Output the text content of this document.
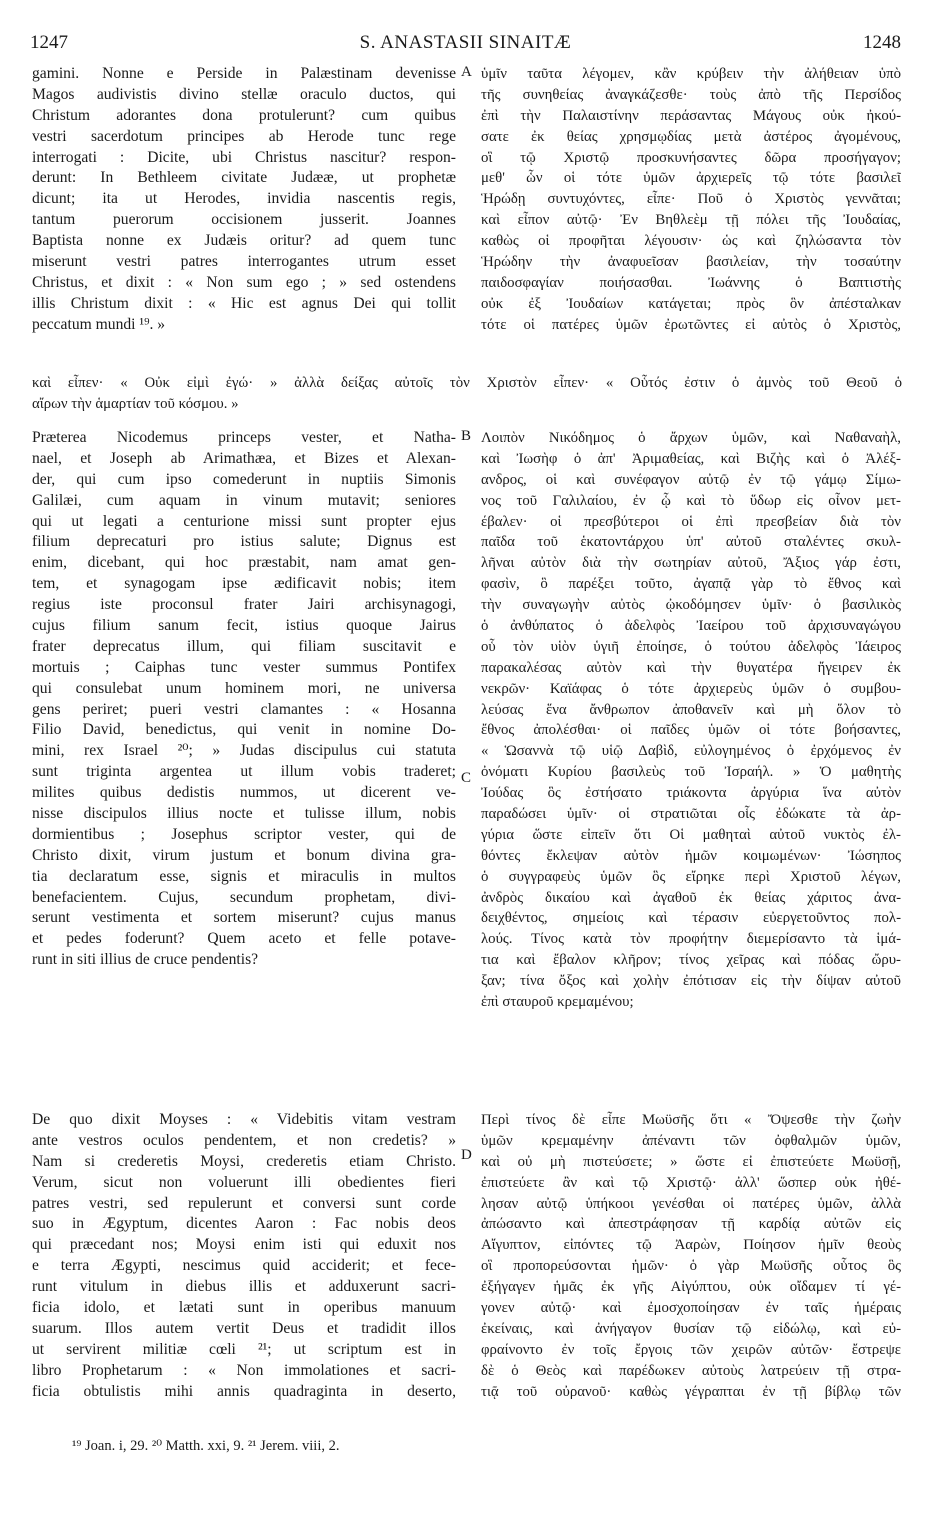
1247	S. ANASTASII SINAITÆ	1248
gamini. Nonne e Perside in Palæstinam devenisse
Magos audivistis divino stellæ oraculo ductos, qui
Christum adorantes dona protulerunt? cum quibus
vestri sacerdotum principes ab Herode tunc rege
interrogati : Dicite, ubi Christus nascitur? respon-
derunt: In Bethleem civitate Judææ, ut prophetæ
dicunt; ita ut Herodes, invidia nascentis regis,
tantum puerorum occisionem jusserit. Joannes
Baptista nonne ex Judæis oritur? ad quem tunc
miserunt vestri patres interrogantes utrum esset
Christus, et dixit : « Non sum ego ; » sed ostendens
illis Christum dixit : « Hic est agnus Dei qui tollit
peccatum mundi ¹⁹. »
ὑμῖν ταῦτα λέγομεν, κἂν κρύβειν τὴν ἀλήθειαν ὑπὸ
τῆς συνηθείας ἀναγκάζεσθε· τοὺς ἀπὸ τῆς Περσίδος
ἐπὶ τὴν Παλαιστίνην περάσαντας Μάγους οὐκ ἠκού-
σατε ἐκ θείας χρησμῳδίας μετὰ ἀστέρος ἀγομένους,
οἳ τῷ Χριστῷ προσκυνήσαντες δῶρα προσήγαγον;
μεθ' ὧν οἱ τότε ὑμῶν ἀρχιερεῖς τῷ τότε βασιλεῖ
Ἡρώδῃ συντυχόντες, εἶπε· Ποῦ ὁ Χριστὸς γεννᾶται;
καὶ εἶπον αὐτῷ· Ἐν Βηθλεὲμ τῇ πόλει τῆς Ἰουδαίας,
καθὼς οἱ προφῆται λέγουσιν· ὡς καὶ ζηλώσαντα τὸν
Ἡρώδην τὴν ἀναφυεῖσαν βασιλείαν, τὴν τοσαύτην
παιδοσφαγίαν ποιήσασθαι. Ἰωάννης ὁ Βαπτιστὴς
οὐκ ἐξ Ἰουδαίων κατάγεται; πρὸς ὃν ἀπέσταλκαν
τότε οἱ πατέρες ὑμῶν ἐρωτῶντες εἰ αὐτὸς ὁ Χριστὸς,
A
καὶ εἶπεν· « Οὐκ εἰμὶ ἐγώ· » ἀλλὰ δείξας αὐτοῖς τὸν Χριστὸν εἶπεν· « Οὗτός ἐστιν ὁ ἀμνὸς τοῦ Θεοῦ ὁ
αἴρων τὴν ἁμαρτίαν τοῦ κόσμου. »
Præterea Nicodemus princeps vester, et Natha-
nael, et Joseph ab Arimathæa, et Bizes et Alexan-
der, qui cum ipso comederunt in nuptiis Simonis
Galilæi, cum aquam in vinum mutavit; seniores
qui ut legati a centurione missi sunt propter ejus
filium deprecaturi pro istius salute; Dignus est
enim, dicebant, qui hoc præstabit, nam amat gen-
tem, et synagogam ipse ædificavit nobis; item
regius iste proconsul frater Jairi archisynagogi,
cujus filium sanum fecit, istius quoque Jairus
frater deprecatus illum, qui filiam suscitavit e
mortuis ; Caiphas tunc vester summus Pontifex
qui consulebat unum hominem mori, ne universa
gens periret; pueri vestri clamantes : « Hosanna
Filio David, benedictus, qui venit in nomine Do-
mini, rex Israel ²⁰; » Judas discipulus cui statuta
sunt triginta argentea ut illum vobis traderet;
milites quibus dedistis nummos, ut dicerent ve-
nisse discipulos illius nocte et tulisse illum, nobis
dormientibus ; Josephus scriptor vester, qui de
Christo dixit, virum justum et bonum divina gra-
tia declaratum esse, signis et miraculis in multos
benefacientem. Cujus, secundum prophetam, divi-
serunt vestimenta et sortem miserunt? cujus manus
et pedes foderunt? Quem aceto et felle potave-
runt in siti illius de cruce pendentis?
Λοιπὸν Νικόδημος ὁ ἄρχων ὑμῶν, καὶ Ναθαναὴλ,
καὶ Ἰωσὴφ ὁ ἀπ' Ἀριμαθείας, καὶ Βιζὴς καὶ ὁ Ἀλέξ-
ανδρος, οἱ καὶ συνέφαγον αὐτῷ ἐν τῷ γάμῳ Σίμω-
νος τοῦ Γαλιλαίου, ἐν ᾧ καὶ τὸ ὕδωρ εἰς οἶνον μετ-
έβαλεν· οἱ πρεσβύτεροι οἱ ἐπὶ πρεσβείαν διὰ τὸν
παῖδα τοῦ ἑκατοντάρχου ὑπ' αὐτοῦ σταλέντες σκυλ-
λῆναι αὐτὸν διὰ τὴν σωτηρίαν αὐτοῦ, Ἄξιος γάρ ἐστι,
φασὶν, ὃ παρέξει τοῦτο, ἀγαπᾷ γὰρ τὸ ἔθνος καὶ
τὴν συναγωγὴν αὐτὸς ᾠκοδόμησεν ὑμῖν· ὁ βασιλικὸς
ὁ ἀνθύπατος ὁ ἀδελφὸς Ἰαείρου τοῦ ἀρχισυναγώγου
οὗ τὸν υἱὸν ὑγιῆ ἐποίησε, ὁ τούτου ἀδελφὸς Ἰάειρος
παρακαλέσας αὐτὸν καὶ τὴν θυγατέρα ἤγειρεν ἐκ
νεκρῶν· Καϊάφας ὁ τότε ἀρχιερεὺς ὑμῶν ὁ συμβου-
λεύσας ἕνα ἄνθρωπον ἀποθανεῖν καὶ μὴ ὅλον τὸ
ἔθνος ἀπολέσθαι· οἱ παῖδες ὑμῶν οἱ τότε βοήσαντες,
« Ὡσαννὰ τῷ υἱῷ Δαβὶδ, εὐλογημένος ὁ ἐρχόμενος ἐν
ὀνόματι Κυρίου βασιλεὺς τοῦ Ἰσραήλ. » Ὁ μαθητὴς
Ἰούδας ὃς ἐστήσατο τριάκοντα ἀργύρια ἵνα αὐτὸν
παραδώσει ὑμῖν· οἱ στρατιῶται οἷς ἐδώκατε τὰ ἀρ-
γύρια ὥστε εἰπεῖν ὅτι Οἱ μαθηταὶ αὐτοῦ νυκτὸς ἐλ-
θόντες ἔκλεψαν αὐτὸν ἡμῶν κοιμωμένων· Ἰώσηπος
ὁ συγγραφεὺς ὑμῶν ὃς εἴρηκε περὶ Χριστοῦ λέγων,
ἀνδρὸς δικαίου καὶ ἀγαθοῦ ἐκ θείας χάριτος ἀνα-
δειχθέντος, σημείοις καὶ τέρασιν εὐεργετοῦντος πολ-
λούς. Τίνος κατὰ τὸν προφήτην διεμερίσαντο τὰ ἱμά-
τια καὶ ἔβαλον κλῆρον; τίνος χεῖρας καὶ πόδας ὤρυ-
ξαν; τίνα ὄξος καὶ χολὴν ἐπότισαν εἰς τὴν δίψαν αὐτοῦ
ἐπὶ σταυροῦ κρεμαμένου;
B
C
De quo dixit Moyses : « Videbitis vitam vestram
ante vestros oculos pendentem, et non credetis? »
Nam si crederetis Moysi, crederetis etiam Christo.
Verum, sicut non voluerunt illi obedientes fieri
patres vestri, sed repulerunt et conversi sunt corde
suo in Ægyptum, dicentes Aaron : Fac nobis deos
qui præcedant nos; Moysi enim isti qui eduxit nos
e terra Ægypti, nescimus quid acciderit; et fece-
runt vitulum in diebus illis et adduxerunt sacri-
ficia idolo, et lætati sunt in operibus manuum
suarum. Illos autem vertit Deus et tradidit illos
ut servirent militiæ cœli ²¹; ut scriptum est in
libro Prophetarum : « Non immolationes et sacri-
ficia obtulistis mihi annis quadraginta in deserto,
Περὶ τίνος δὲ εἶπε Μωϋσῆς ὅτι « Ὄψεσθε τὴν ζωὴν
ὑμῶν κρεμαμένην ἀπέναντι τῶν ὀφθαλμῶν ὑμῶν,
καὶ οὐ μὴ πιστεύσετε; » ὥστε εἰ ἐπιστεύετε Μωϋσῇ,
ἐπιστεύετε ἂν καὶ τῷ Χριστῷ· ἀλλ' ὥσπερ οὐκ ἠθέ-
λησαν αὐτῷ ὑπήκοοι γενέσθαι οἱ πατέρες ὑμῶν, ἀλλὰ
ἀπώσαντο καὶ ἀπεστράφησαν τῇ καρδίᾳ αὐτῶν εἰς
Αἴγυπτον, εἰπόντες τῷ Ἀαρὼν, Ποίησον ἡμῖν θεοὺς
οἳ προπορεύσονται ἡμῶν· ὁ γὰρ Μωϋσῆς οὗτος ὃς
ἐξήγαγεν ἡμᾶς ἐκ γῆς Αἰγύπτου, οὐκ οἴδαμεν τί γέ-
γονεν αὐτῷ· καὶ ἐμοσχοποίησαν ἐν ταῖς ἡμέραις
ἐκείναις, καὶ ἀνήγαγον θυσίαν τῷ εἰδώλῳ, καὶ εὐ-
φραίνοντο ἐν τοῖς ἔργοις τῶν χειρῶν αὐτῶν· ἔστρεψε
δὲ ὁ Θεὸς καὶ παρέδωκεν αὐτοὺς λατρεύειν τῇ στρα-
τιᾷ τοῦ οὐρανοῦ· καθὼς γέγραπται ἐν τῇ βίβλῳ τῶν
D
¹⁹ Joan. i, 29. ²⁰ Matth. xxi, 9. ²¹ Jerem. viii, 2.
